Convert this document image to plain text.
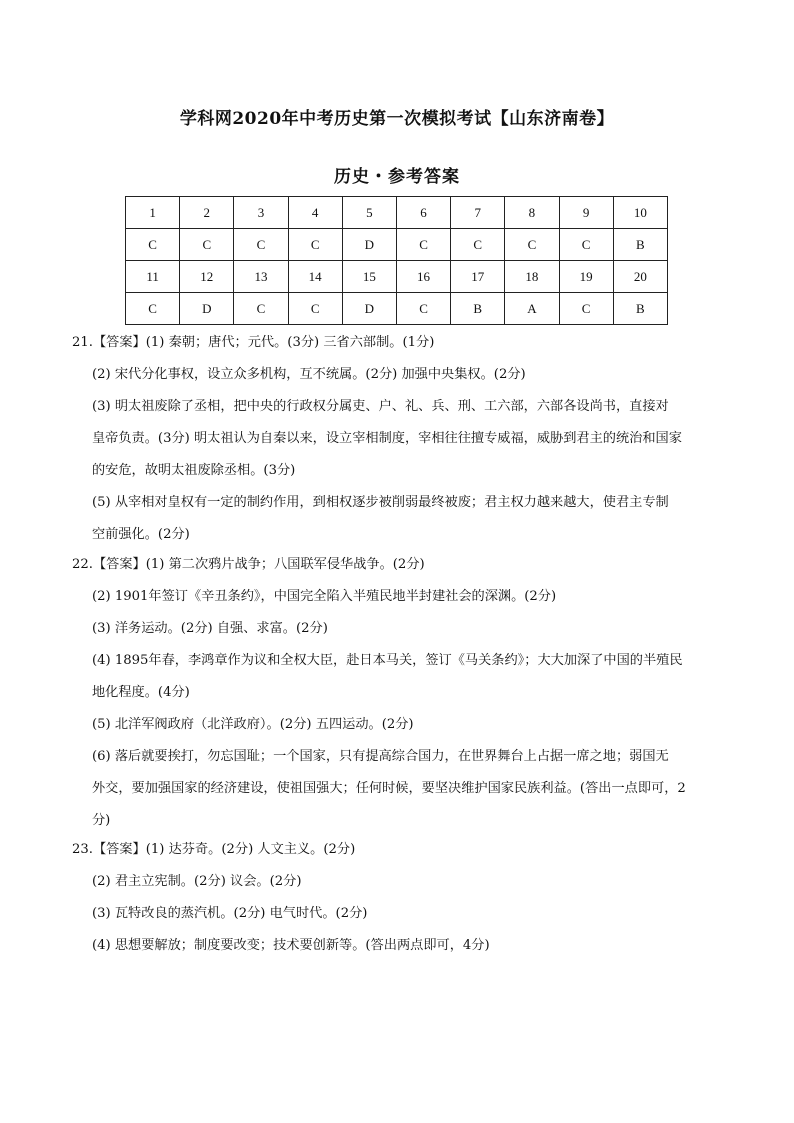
学科网2020年中考历史第一次模拟考试【山东济南卷】
历史・参考答案
1	2	3	4	5	6	7	8	9	10
C	C	C	C	D	C	C	C	C	B
11	12	13	14	15	16	17	18	19	20
C	D	C	C	D	C	B	A	C	B
21.【答案】(1) 秦朝；唐代；元代。(3分) 三省六部制。(1分)
(2) 宋代分化事权，设立众多机构，互不统属。(2分) 加强中央集权。(2分)
(3) 明太祖废除了丞相，把中央的行政权分属吏、户、礼、兵、刑、工六部，六部各设尚书，直接对
皇帝负责。(3分) 明太祖认为自秦以来，设立宰相制度，宰相往往擅专威福，威胁到君主的统治和国家
的安危，故明太祖废除丞相。(3分)
(5) 从宰相对皇权有一定的制约作用，到相权逐步被削弱最终被废；君主权力越来越大，使君主专制
空前强化。(2分)
22.【答案】(1) 第二次鸦片战争；八国联军侵华战争。(2分)
(2) 1901年签订《辛丑条约》，中国完全陷入半殖民地半封建社会的深渊。(2分)
(3) 洋务运动。(2分) 自强、求富。(2分)
(4) 1895年春，李鸿章作为议和全权大臣，赴日本马关，签订《马关条约》；大大加深了中国的半殖民
地化程度。(4分)
(5) 北洋军阀政府（北洋政府）。(2分) 五四运动。(2分)
(6) 落后就要挨打，勿忘国耻；一个国家，只有提高综合国力，在世界舞台上占据一席之地；弱国无
外交，要加强国家的经济建设，使祖国强大；任何时候，要坚决维护国家民族利益。(答出一点即可，2
分)
23.【答案】(1) 达芬奇。(2分) 人文主义。(2分)
(2) 君主立宪制。(2分) 议会。(2分)
(3) 瓦特改良的蒸汽机。(2分) 电气时代。(2分)
(4) 思想要解放；制度要改变；技术要创新等。(答出两点即可，4分)
